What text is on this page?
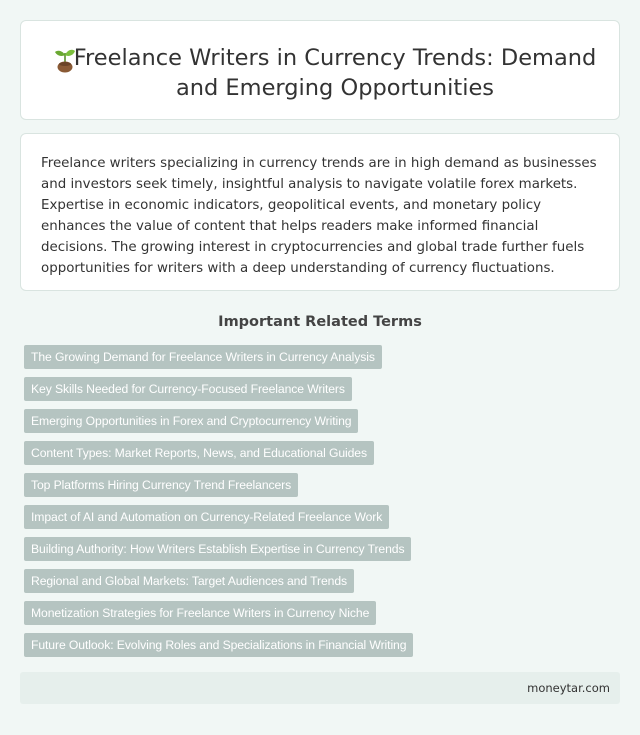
Freelance Writers in Currency Trends: Demand and Emerging Opportunities

Freelance writers specializing in currency trends are in high demand as businesses and investors seek timely, insightful analysis to navigate volatile forex markets. Expertise in economic indicators, geopolitical events, and monetary policy enhances the value of content that helps readers make informed financial decisions. The growing interest in cryptocurrencies and global trade further fuels opportunities for writers with a deep understanding of currency fluctuations.

Important Related Terms
The Growing Demand for Freelance Writers in Currency Analysis
Key Skills Needed for Currency-Focused Freelance Writers
Emerging Opportunities in Forex and Cryptocurrency Writing
Content Types: Market Reports, News, and Educational Guides
Top Platforms Hiring Currency Trend Freelancers
Impact of AI and Automation on Currency-Related Freelance Work
Building Authority: How Writers Establish Expertise in Currency Trends
Regional and Global Markets: Target Audiences and Trends
Monetization Strategies for Freelance Writers in Currency Niche
Future Outlook: Evolving Roles and Specializations in Financial Writing
moneytar.com
